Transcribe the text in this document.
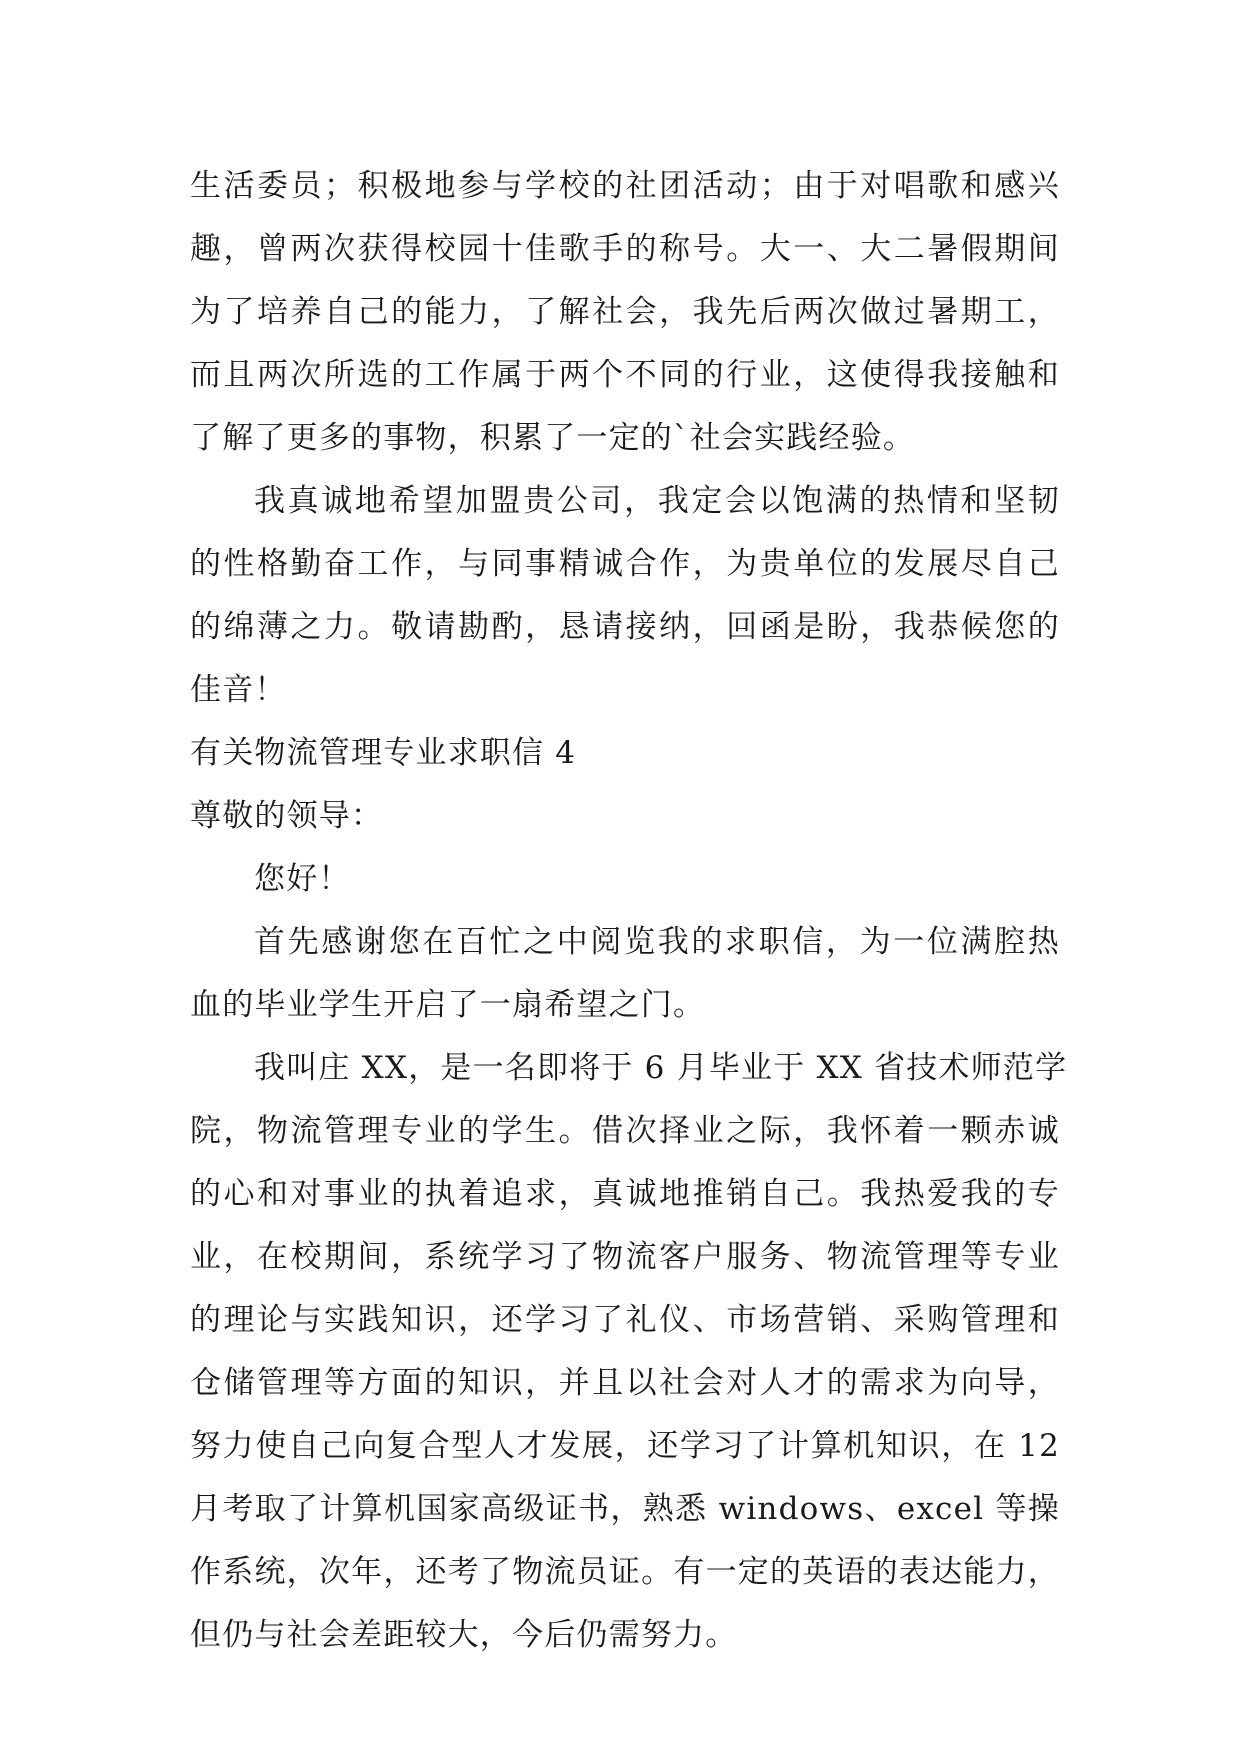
生活委员；积极地参与学校的社团活动；由于对唱歌和感兴
趣，曾两次获得校园十佳歌手的称号。大一、大二暑假期间
为了培养自己的能力，了解社会，我先后两次做过暑期工，
而且两次所选的工作属于两个不同的行业，这使得我接触和
了解了更多的事物，积累了一定的`社会实践经验。
我真诚地希望加盟贵公司，我定会以饱满的热情和坚韧
的性格勤奋工作，与同事精诚合作，为贵单位的发展尽自己
的绵薄之力。敬请勘酌，恳请接纳，回函是盼，我恭候您的
佳音！
有关物流管理专业求职信 4
尊敬的领导：
您好！
首先感谢您在百忙之中阅览我的求职信，为一位满腔热
血的毕业学生开启了一扇希望之门。
我叫庄 XX，是一名即将于 6 月毕业于 XX 省技术师范学
院，物流管理专业的学生。借次择业之际，我怀着一颗赤诚
的心和对事业的执着追求，真诚地推销自己。我热爱我的专
业，在校期间，系统学习了物流客户服务、物流管理等专业
的理论与实践知识，还学习了礼仪、市场营销、采购管理和
仓储管理等方面的知识，并且以社会对人才的需求为向导，
努力使自己向复合型人才发展，还学习了计算机知识，在 12
月考取了计算机国家高级证书，熟悉 windows、excel 等操
作系统，次年，还考了物流员证。有一定的英语的表达能力，
但仍与社会差距较大，今后仍需努力。
